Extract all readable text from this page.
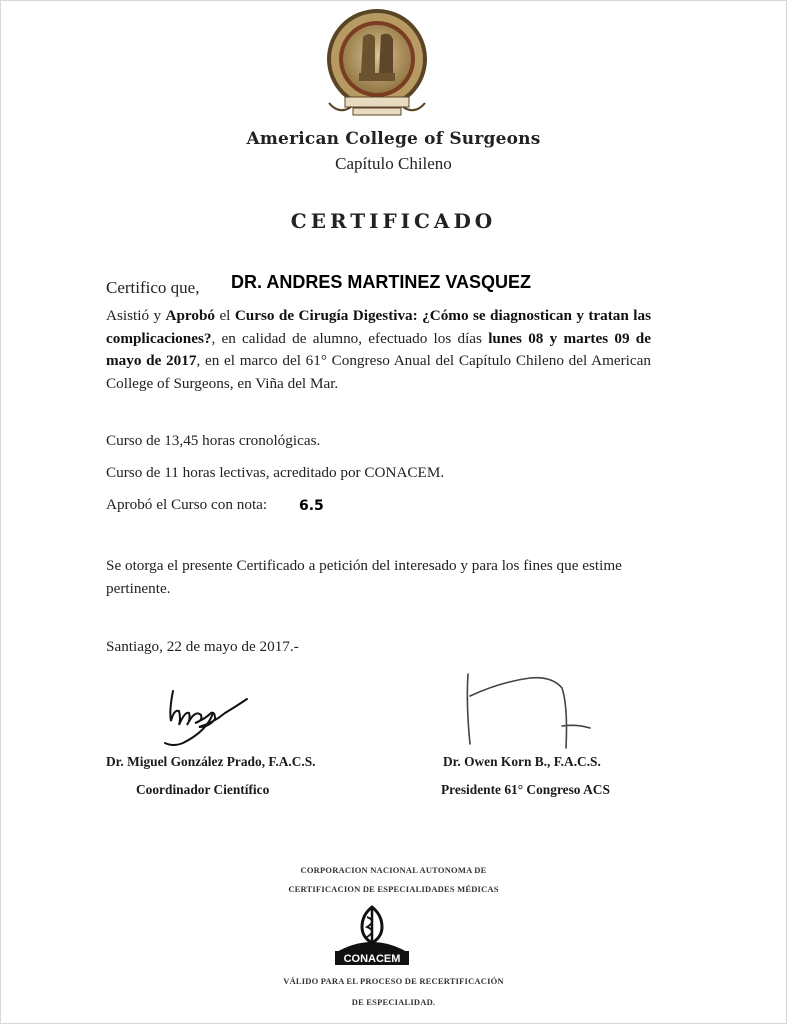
American College of Surgeons
Capítulo Chileno
CERTIFICADO
Certifico que, DR. ANDRES MARTINEZ VASQUEZ
Asistió y Aprobó el Curso de Cirugía Digestiva: ¿Cómo se diagnostican y tratan las complicaciones?, en calidad de alumno, efectuado los días lunes 08 y martes 09 de mayo de 2017, en el marco del 61° Congreso Anual del Capítulo Chileno del American College of Surgeons, en Viña del Mar.
Curso de 13,45 horas cronológicas.
Curso de 11 horas lectivas, acreditado por CONACEM.
Aprobó el Curso con nota: 6.5
Se otorga el presente Certificado a petición del interesado y para los fines que estime pertinente.
Santiago, 22 de mayo de 2017.-
Dr. Miguel González Prado, F.A.C.S.
Coordinador Científico
Dr. Owen Korn B., F.A.C.S.
Presidente 61° Congreso ACS
CORPORACION NACIONAL AUTONOMA DE
CERTIFICACION DE ESPECIALIDADES MÉDICAS
CONACEM
VÁLIDO PARA EL PROCESO DE RECERTIFICACIÓN
DE ESPECIALIDAD.
